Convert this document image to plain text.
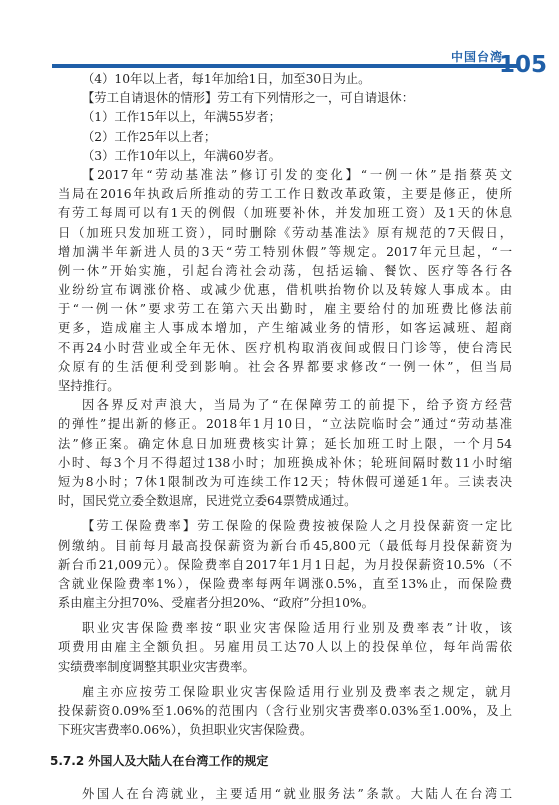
中国台湾
105
（4）10年以上者，每1年加给1日，加至30日为止。
【劳工自请退休的情形】劳工有下列情形之一，可自请退休：
（1）工作15年以上，年满55岁者；
（2）工作25年以上者；
（3）工作10年以上，年满60岁者。
【2017年“劳动基准法”修订引发的变化】“一例一休”是指蔡英文
当局在2016年执政后所推动的劳工工作日数改革政策，主要是修正，使所
有劳工每周可以有1天的例假（加班要补休，并发加班工资）及1天的休息
日（加班只发加班工资），同时删除《劳动基准法》原有规范的7天假日，
增加满半年新进人员的3天“劳工特别休假”等规定。2017年元旦起，“一
例一休”开始实施，引起台湾社会动荡，包括运输、餐饮、医疗等各行各
业纷纷宣布调涨价格、或减少优惠，借机哄抬物价以及转嫁人事成本。由
于“一例一休”要求劳工在第六天出勤时，雇主要给付的加班费比修法前
更多，造成雇主人事成本增加，产生缩减业务的情形，如客运减班、超商
不再24小时营业或全年无休、医疗机构取消夜间或假日门诊等，使台湾民
众原有的生活便利受到影响。社会各界都要求修改“一例一休”，但当局
坚持推行。
因各界反对声浪大，当局为了“在保障劳工的前提下，给予资方经营
的弹性”提出新的修正。2018年1月10日，“立法院临时会”通过“劳动基准
法”修正案。确定休息日加班费核实计算；延长加班工时上限，一个月54
小时、每3个月不得超过138小时；加班换成补休；轮班间隔时数11小时缩
短为8小时；7休1限制改为可连续工作12天；特休假可递延1年。三读表决
时，国民党立委全数退席，民进党立委64票赞成通过。
【劳工保险费率】劳工保险的保险费按被保险人之月投保薪资一定比
例缴纳。目前每月最高投保薪资为新台币45,800元（最低每月投保薪资为
新台币21,009元）。保险费率自2017年1月1日起，为月投保薪资10.5%（不
含就业保险费率1%），保险费率每两年调涨0.5%，直至13%止，而保险费
系由雇主分担70%、受雇者分担20%、“政府”分担10%。
职业灾害保险费率按“职业灾害保险适用行业别及费率表”计收，该
项费用由雇主全额负担。另雇用员工达70人以上的投保单位，每年尚需依
实绩费率制度调整其职业灾害费率。
雇主亦应按劳工保险职业灾害保险适用行业别及费率表之规定，就月
投保薪资0.09%至1.06%的范围内（含行业别灾害费率0.03%至1.00%，及上
下班灾害费率0.06%），负担职业灾害保险费。
5.7.2 外国人及大陆人在台湾工作的规定
外国人在台湾就业，主要适用“就业服务法”条款。大陆人在台湾工
